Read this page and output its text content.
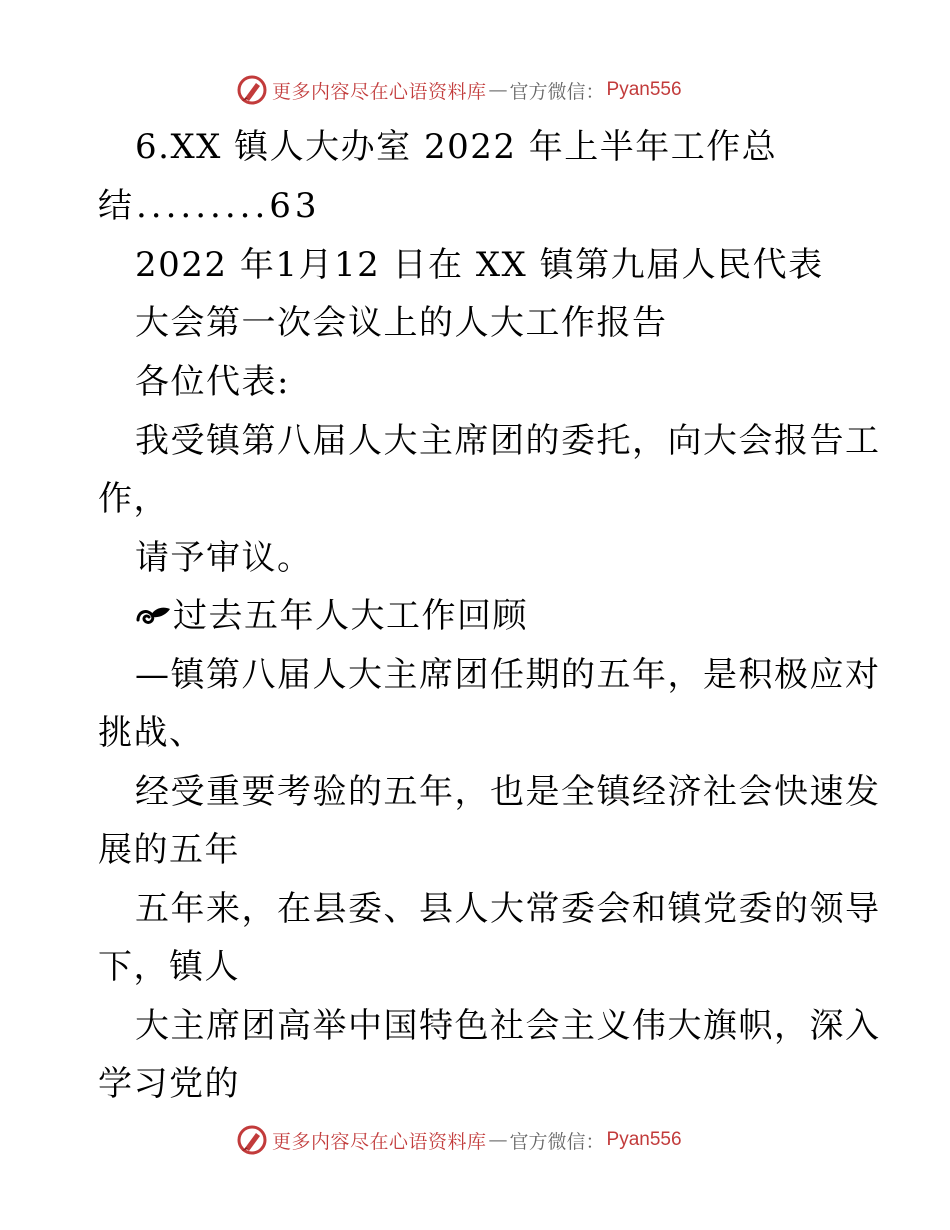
更多内容尽在心语资料库 — 官方微信： Pyan556
6.XX 镇人大办室 2022 年上半年工作总
结.........63
2022 年1月12 日在 XX 镇第九届人民代表
大会第一次会议上的人大工作报告
各位代表:
我受镇第八届人大主席团的委托，向大会报告工
作，
请予审议。
过去五年人大工作回顾
—镇第八届人大主席团任期的五年，是积极应对
挑战、
经受重要考验的五年，也是全镇经济社会快速发
展的五年
五年来，在县委、县人大常委会和镇党委的领导
下，镇人
大主席团高举中国特色社会主义伟大旗帜，深入
学习党的
更多内容尽在心语资料库 — 官方微信： Pyan556
